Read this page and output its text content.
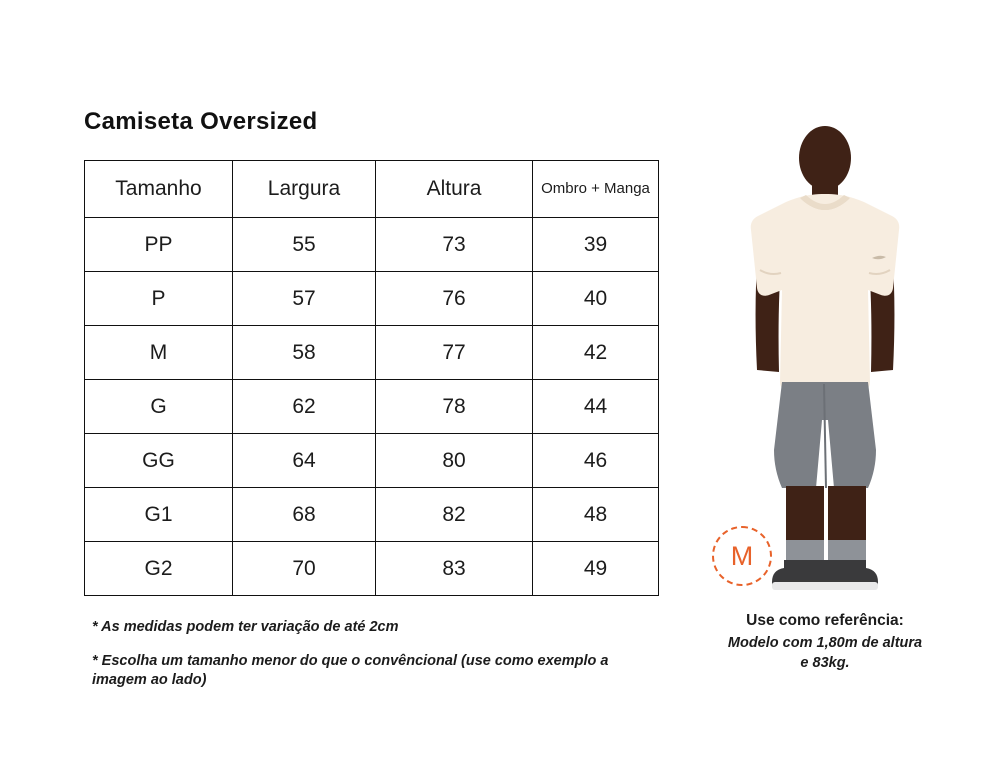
Camiseta Oversized
Tamanho	Largura	Altura	Ombro + Manga
PP	55	73	39
P	57	76	40
M	58	77	42
G	62	78	44
GG	64	80	46
G1	68	82	48
G2	70	83	49
* As medidas podem ter variação de até 2cm
* Escolha um tamanho menor do que o convêncional (use como exemplo a imagem ao lado)
M
Use como referência:
Modelo com 1,80m de altura
e 83kg.
